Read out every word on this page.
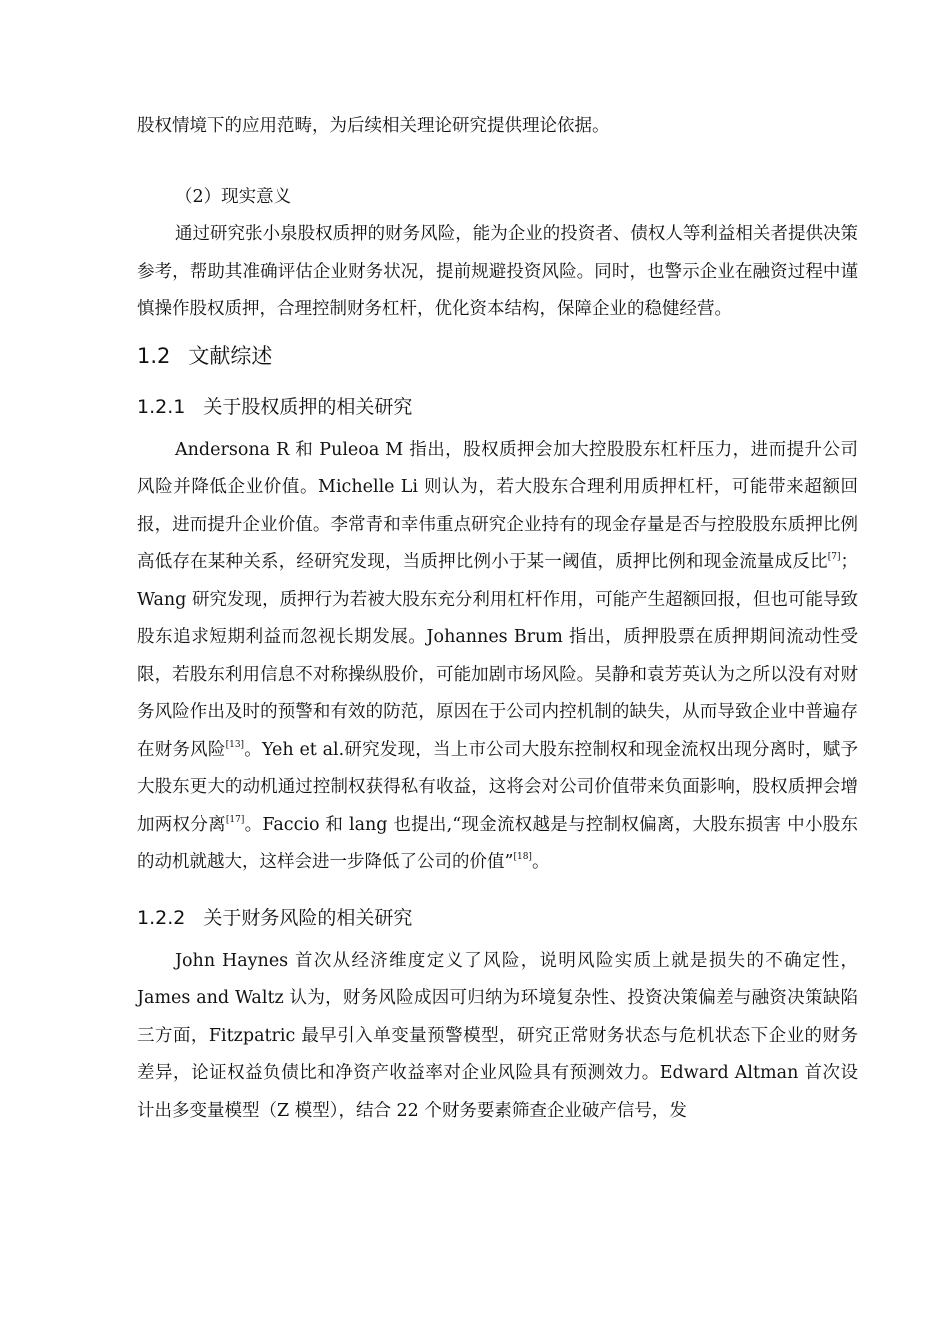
股权情境下的应用范畴，为后续相关理论研究提供理论依据。
（2）现实意义
通过研究张小泉股权质押的财务风险，能为企业的投资者、债权人等利益相关者提供决策参考，帮助其准确评估企业财务状况，提前规避投资风险。同时，也警示企业在融资过程中谨慎操作股权质押，合理控制财务杠杆，优化资本结构，保障企业的稳健经营。
1.2 文献综述
1.2.1 关于股权质押的相关研究
Andersona R 和 Puleoa M 指出，股权质押会加大控股股东杠杆压力，进而提升公司风险并降低企业价值。Michelle Li 则认为，若大股东合理利用质押杠杆，可能带来超额回报，进而提升企业价值。李常青和幸伟重点研究企业持有的现金存量是否与控股股东质押比例高低存在某种关系，经研究发现，当质押比例小于某一阈值，质押比例和现金流量成反比[7]；Wang 研究发现，质押行为若被大股东充分利用杠杆作用，可能产生超额回报，但也可能导致股东追求短期利益而忽视长期发展。Johannes Brum 指出，质押股票在质押期间流动性受限，若股东利用信息不对称操纵股价，可能加剧市场风险。吴静和袁芳英认为之所以没有对财务风险作出及时的预警和有效的防范，原因在于公司内控机制的缺失，从而导致企业中普遍存在财务风险[13]。Yeh et al.研究发现，当上市公司大股东控制权和现金流权出现分离时，赋予大股东更大的动机通过控制权获得私有收益，这将会对公司价值带来负面影响，股权质押会增加两权分离[17]。Faccio 和 lang 也提出,“现金流权越是与控制权偏离，大股东损害 中小股东的动机就越大，这样会进一步降低了公司的价值”[18]。
1.2.2 关于财务风险的相关研究
John Haynes 首次从经济维度定义了风险，说明风险实质上就是损失的不确定性，James and Waltz 认为，财务风险成因可归纳为环境复杂性、投资决策偏差与融资决策缺陷三方面，Fitzpatric 最早引入单变量预警模型，研究正常财务状态与危机状态下企业的财务差异，论证权益负债比和净资产收益率对企业风险具有预测效力。Edward Altman 首次设计出多变量模型（Z 模型），结合 22 个财务要素筛查企业破产信号，发
